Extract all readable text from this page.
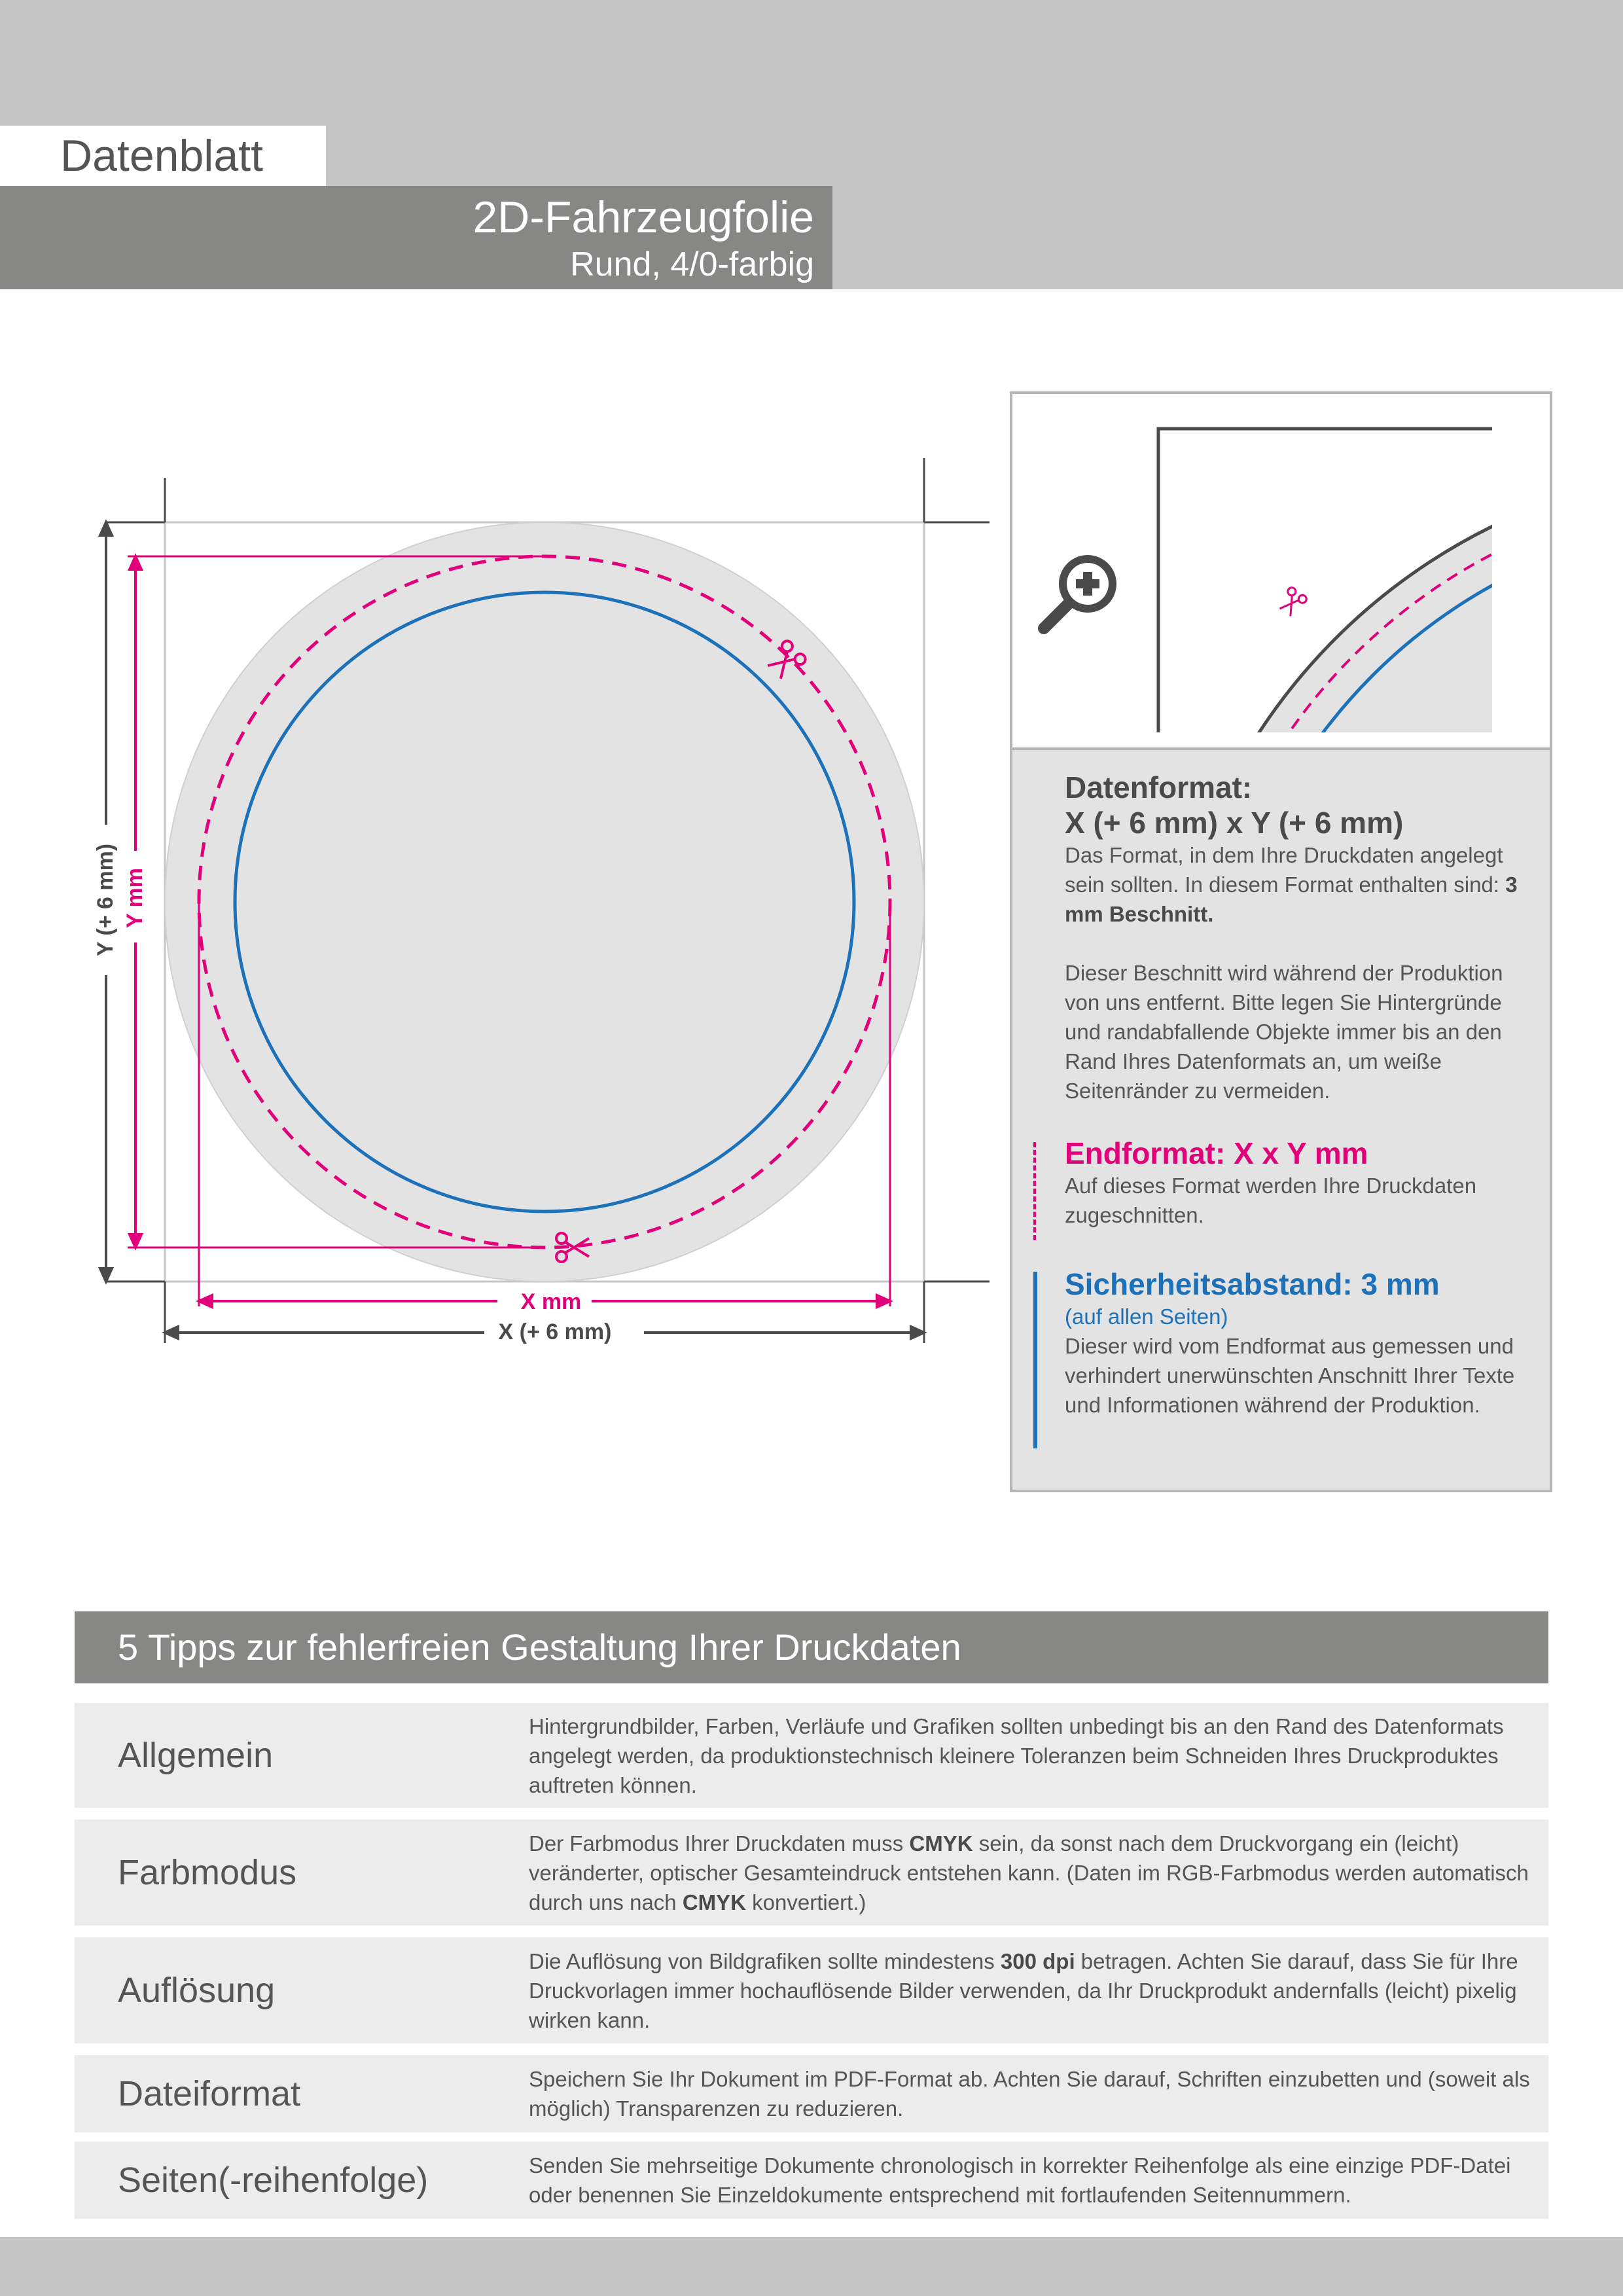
Datenblatt
2D-Fahrzeugfolie
Rund, 4/0-farbig
Y (+ 6 mm) Y mm
X mm
X (+ 6 mm)
Datenformat:
X (+ 6 mm) x Y (+ 6 mm)
Das Format, in dem Ihre Druckdaten angelegt sein sollten. In diesem Format enthalten sind: 3 mm Beschnitt.
Dieser Beschnitt wird während der Produktion von uns entfernt. Bitte legen Sie Hintergründe und randabfallende Objekte immer bis an den Rand Ihres Datenformats an, um weiße Seitenränder zu vermeiden.
Endformat: X x Y mm
Auf dieses Format werden Ihre Druckdaten zugeschnitten.
Sicherheitsabstand: 3 mm
(auf allen Seiten)
Dieser wird vom Endformat aus gemessen und verhindert unerwünschten Anschnitt Ihrer Texte und Informationen während der Produktion.
5 Tipps zur fehlerfreien Gestaltung Ihrer Druckdaten
Allgemein
Hintergrundbilder, Farben, Verläufe und Grafiken sollten unbedingt bis an den Rand des Datenformats angelegt werden, da produktionstechnisch kleinere Toleranzen beim Schneiden Ihres Druckproduktes auftreten können.
Farbmodus
Der Farbmodus Ihrer Druckdaten muss CMYK sein, da sonst nach dem Druckvorgang ein (leicht) veränderter, optischer Gesamteindruck entstehen kann. (Daten im RGB-Farbmodus werden automatisch durch uns nach CMYK konvertiert.)
Auflösung
Die Auflösung von Bildgrafiken sollte mindestens 300 dpi betragen. Achten Sie darauf, dass Sie für Ihre Druckvorlagen immer hochauflösende Bilder verwenden, da Ihr Druckprodukt andernfalls (leicht) pixelig wirken kann.
Dateiformat	Speichern Sie Ihr Dokument im PDF-Format ab. Achten Sie darauf, Schriften einzubetten und (soweit als möglich) Transparenzen zu reduzieren.
Seiten(-reihenfolge)	Senden Sie mehrseitige Dokumente chronologisch in korrekter Reihenfolge als eine einzige PDF-Datei oder benennen Sie Einzeldokumente entsprechend mit fortlaufenden Seitennummern.
